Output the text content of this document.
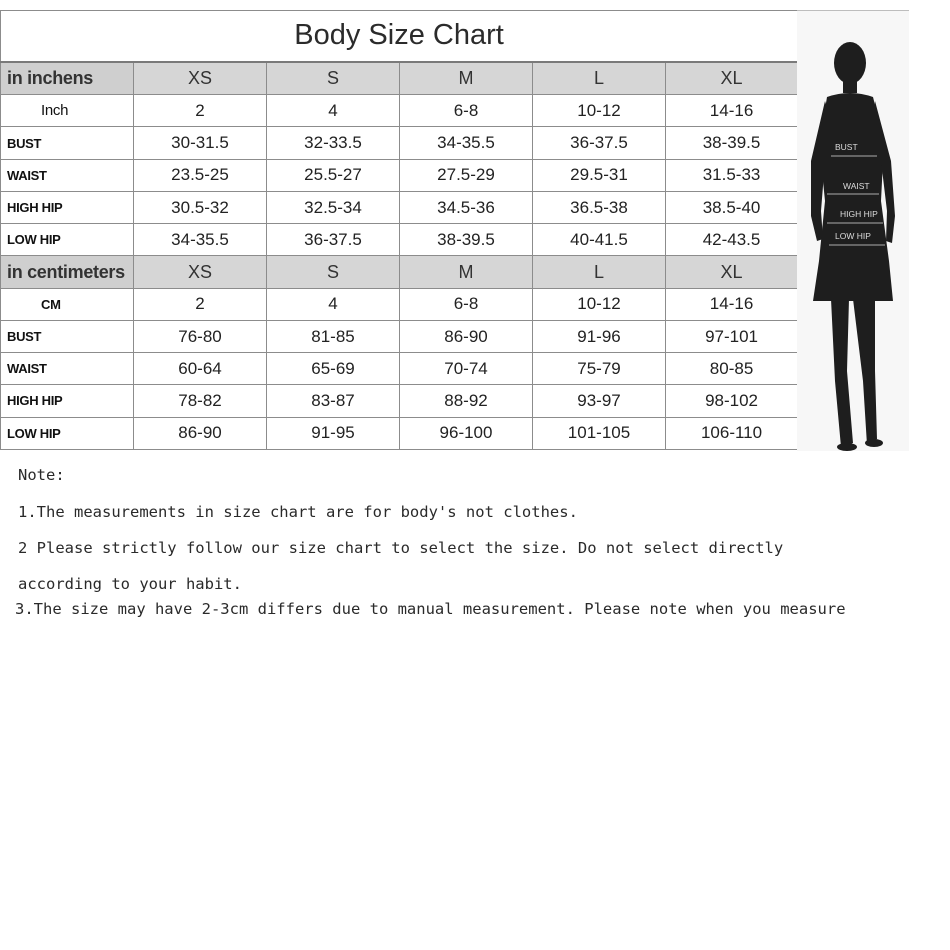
Body Size Chart					
in inchens	XS	S	M	L	XL
Inch	2	4	6-8	10-12	14-16
BUST	30-31.5	32-33.5	34-35.5	36-37.5	38-39.5
WAIST	23.5-25	25.5-27	27.5-29	29.5-31	31.5-33
HIGH HIP	30.5-32	32.5-34	34.5-36	36.5-38	38.5-40
LOW HIP	34-35.5	36-37.5	38-39.5	40-41.5	42-43.5
in centimeters	XS	S	M	L	XL
CM	2	4	6-8	10-12	14-16
BUST	76-80	81-85	86-90	91-96	97-101
WAIST	60-64	65-69	70-74	75-79	80-85
HIGH HIP	78-82	83-87	88-92	93-97	98-102
LOW HIP	86-90	91-95	96-100	101-105	106-110
BUST
WAIST
HIGH HIP
LOW HIP
Note:
1.The measurements in size chart are for body's not clothes.
2 Please strictly follow our size chart to select the size. Do not select directly
according to your habit.
3.The size may have 2-3cm differs due to manual measurement. Please note when you measure
